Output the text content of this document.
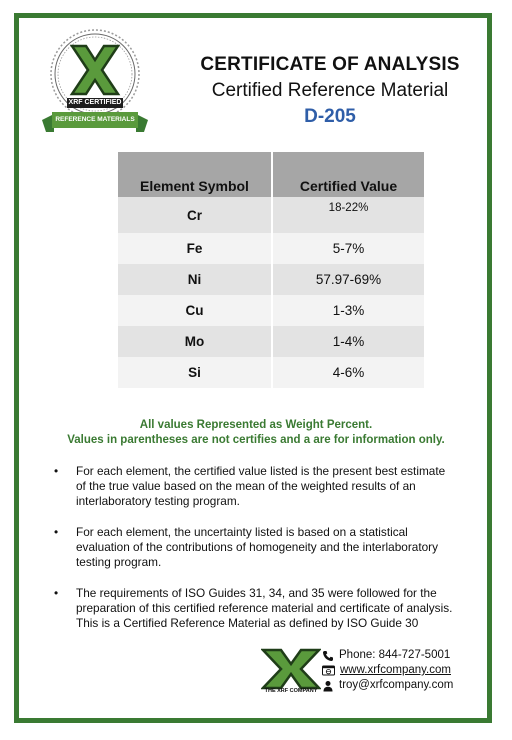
XRF CERTIFIED
REFERENCE MATERIALS
CERTIFICATE OF ANALYSIS
Certified Reference Material
D-205
Element Symbol	Certified Value
Cr	18-22%
Fe	5-7%
Ni	57.97-69%
Cu	1-3%
Mo	1-4%
Si	4-6%
All values Represented as Weight Percent.
Values in parentheses are not certifies and a are for information only.
• For each element, the certified value listed is the present best estimate of the true value based on the mean of the weighted results of an interlaboratory testing program.
• For each element, the uncertainty listed is based on a statistical evaluation of the contributions of homogeneity and the interlaboratory testing program.
• The requirements of ISO Guides 31, 34, and 35 were followed for the preparation of this certified reference material and certificate of analysis. This is a Certified Reference Material as defined by ISO Guide 30
THE XRF COMPANY
Phone: 844-727-5001
www.xrfcompany.com
troy@xrfcompany.com
